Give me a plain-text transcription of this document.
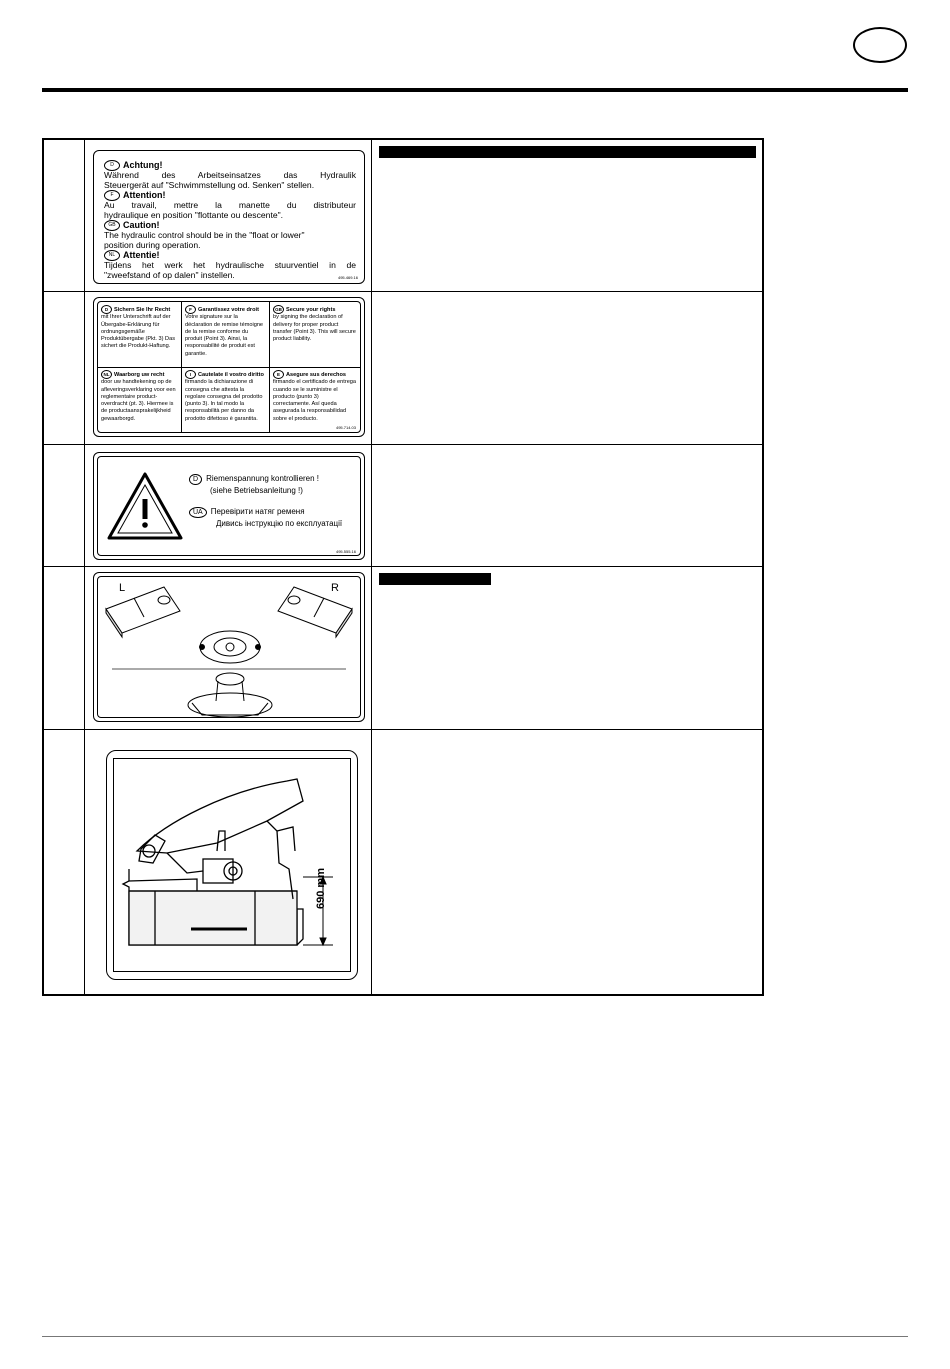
D Achtung!
Während des Arbeitseinsatzes das Hydraulik
Steuergerät auf "Schwimmstellung od. Senken" stellen.
F Attention!
Au travail, mettre la manette du distributeur
hydraulique en position "flottante ou descente".
GB Caution!
The hydraulic control should be in the "float or lower"
position during operation.
NL Attentie!
Tijdens het werk het hydraulische stuurventiel in de
"zweefstand of op dalen" instellen.	495.469.16
D Sichern Sie Ihr Recht
mit Ihrer Unterschrift auf der Übergabe-Erklärung für ordnungsgemäße Produktübergabe (Pkt. 3) Das sichert die Produkt-Haftung.
F Garantissez votre droit
Votre signature sur la déclaration de remise témoigne de la remise conforme du produit (Point 3). Ainsi, la responsabilité de produit est garantie.
GB Secure your rights
by signing the declaration of delivery for proper product transfer (Point 3). This will secure product liability.
NL Waarborg uw recht
door uw handtekening op de afleveringsverklaring voor een reglementaire product-overdracht (pt. 3). Hiermee is de productaansprakelijkheid gewaarborgd.
I Cautelate il vostro diritto
firmando la dichiarazione di consegna che attesta la regolare consegna del prodotto (punto 3). In tal modo la responsabilità per danno da prodotto difettoso è garantita.
E Asegure sus derechos
firmando el certificado de entrega cuando se le suministre el producto (punto 3) correctamente. Así queda asegurada la responsabilidad sobre el producto.
495.714.03
D Riemenspannung kontrollieren !
(siehe Betriebsanleitung !)
UA Перевірити натяг ременя
Дивись інструкцію по експлуатації
495.555.16
L	R
690 mm
